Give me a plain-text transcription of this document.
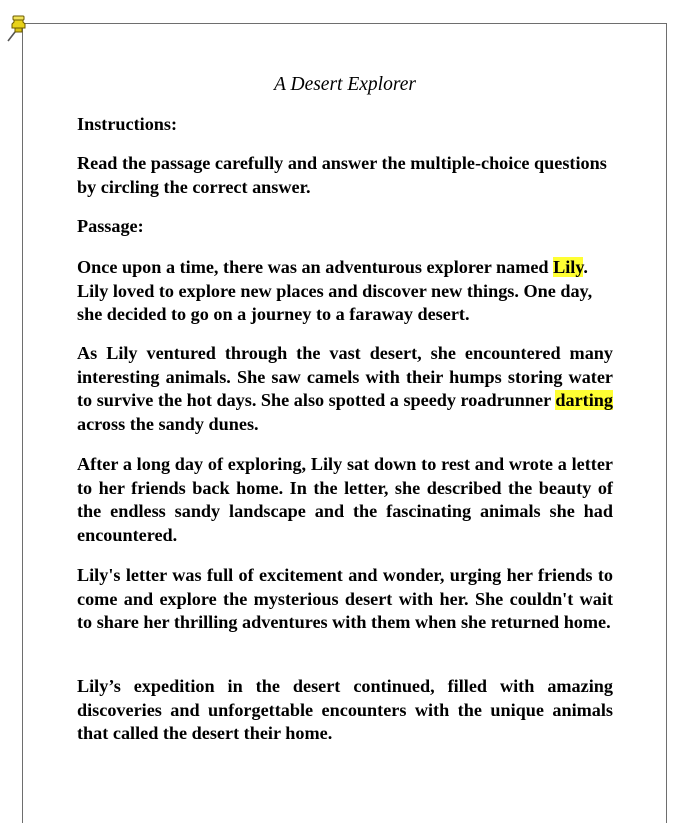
A Desert Explorer

Instructions:

Read the passage carefully and answer the multiple-choice questions by circling the correct answer.

Passage:

Once upon a time, there was an adventurous explorer named Lily. Lily loved to explore new places and discover new things. One day, she decided to go on a journey to a faraway desert.

As Lily ventured through the vast desert, she encountered many interesting animals. She saw camels with their humps storing water to survive the hot days. She also spotted a speedy roadrunner darting across the sandy dunes.

After a long day of exploring, Lily sat down to rest and wrote a letter to her friends back home. In the letter, she described the beauty of the endless sandy landscape and the fascinating animals she had encountered.

Lily's letter was full of excitement and wonder, urging her friends to come and explore the mysterious desert with her. She couldn't wait to share her thrilling adventures with them when she returned home.

Lily’s expedition in the desert continued, filled with amazing discoveries and unforgettable encounters with the unique animals that called the desert their home.
